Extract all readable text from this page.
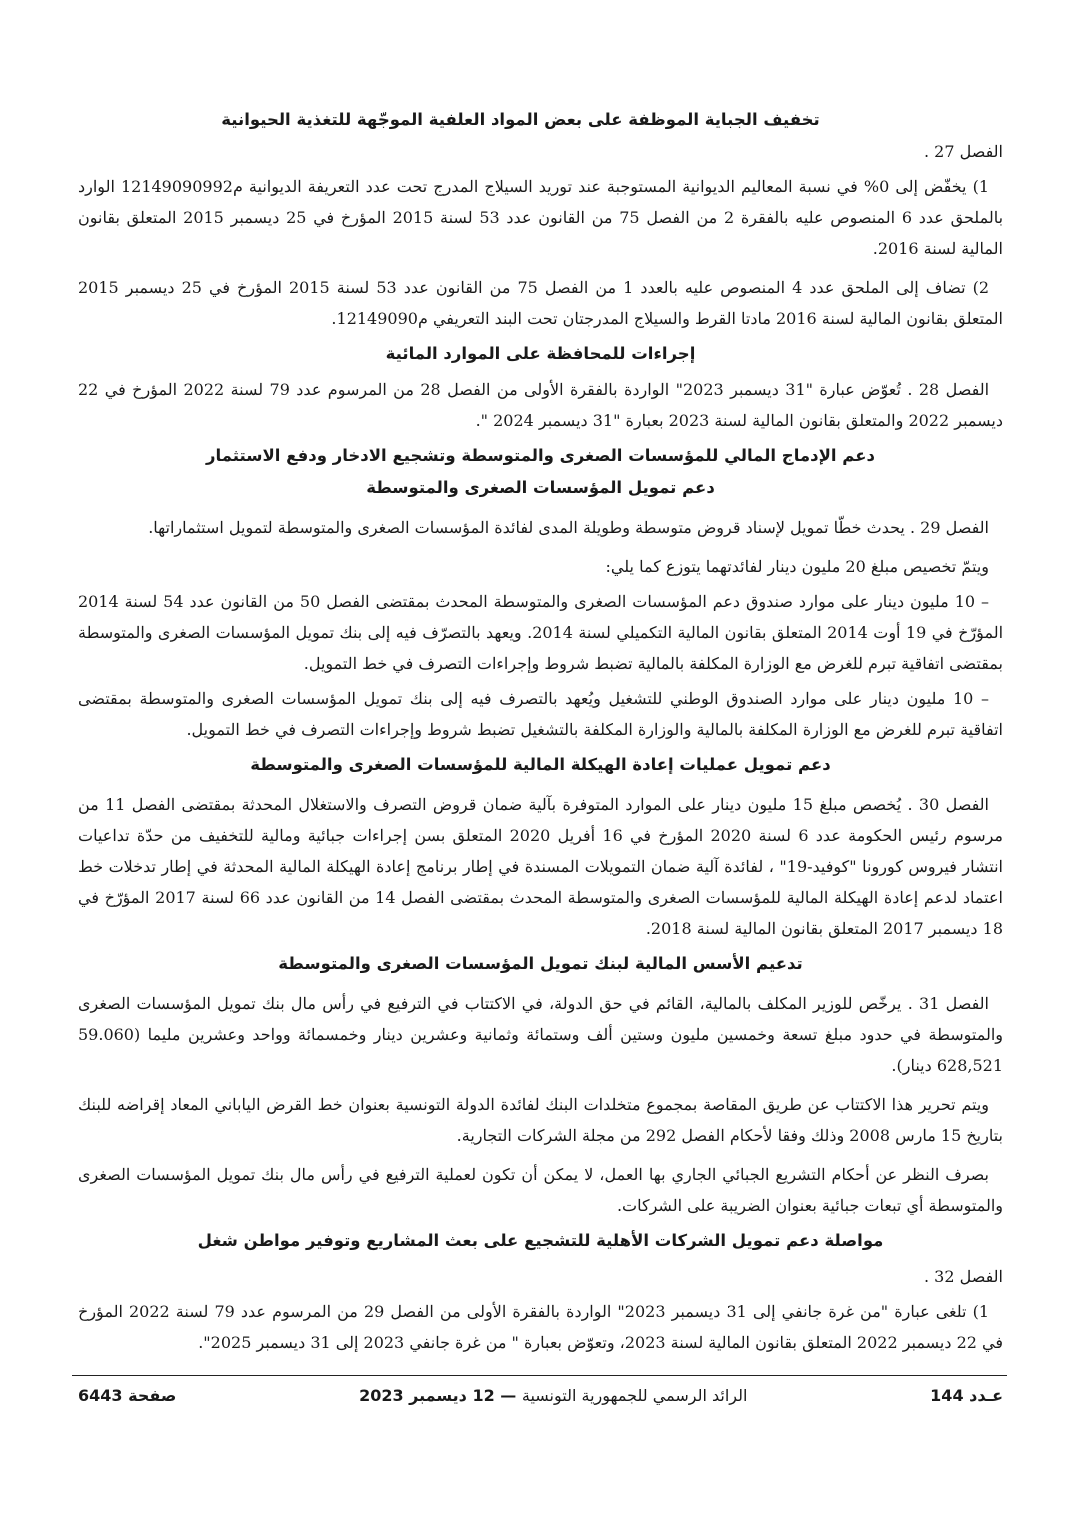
تخفيف الجباية الموظفة على بعض المواد العلفية الموجّهة للتغذية الحيوانية

الفصل 27 .

1) يخفّض إلى 0% في نسبة المعاليم الديوانية المستوجبة عند توريد السيلاج المدرج تحت عدد التعريفة الديوانية م12149090992 الوارد بالملحق عدد 6 المنصوص عليه بالفقرة 2 من الفصل 75 من القانون عدد 53 لسنة 2015 المؤرخ في 25 ديسمبر 2015 المتعلق بقانون المالية لسنة 2016.

2) تضاف إلى الملحق عدد 4 المنصوص عليه بالعدد 1 من الفصل 75 من القانون عدد 53 لسنة 2015 المؤرخ في 25 ديسمبر 2015 المتعلق بقانون المالية لسنة 2016 مادتا القرط والسيلاج المدرجتان تحت البند التعريفي م12149090.

إجراءات للمحافظة على الموارد المائية

الفصل 28 . تُعوّض عبارة "31 ديسمبر 2023" الواردة بالفقرة الأولى من الفصل 28 من المرسوم عدد 79 لسنة 2022 المؤرخ في 22 ديسمبر 2022 والمتعلق بقانون المالية لسنة 2023 بعبارة "31 ديسمبر 2024 ".

دعم الإدماج المالي للمؤسسات الصغرى والمتوسطة وتشجيع الادخار ودفع الاستثمار

دعم تمويل المؤسسات الصغرى والمتوسطة

الفصل 29 . يحدث خطّا تمويل لإسناد قروض متوسطة وطويلة المدى لفائدة المؤسسات الصغرى والمتوسطة لتمويل استثماراتها.

ويتمّ تخصيص مبلغ 20 مليون دينار لفائدتهما يتوزع كما يلي:

– 10 مليون دينار على موارد صندوق دعم المؤسسات الصغرى والمتوسطة المحدث بمقتضى الفصل 50 من القانون عدد 54 لسنة 2014 المؤرّخ في 19 أوت 2014 المتعلق بقانون المالية التكميلي لسنة 2014. ويعهد بالتصرّف فيه إلى بنك تمويل المؤسسات الصغرى والمتوسطة بمقتضى اتفاقية تبرم للغرض مع الوزارة المكلفة بالمالية تضبط شروط وإجراءات التصرف في خط التمويل.

– 10 مليون دينار على موارد الصندوق الوطني للتشغيل ويُعهد بالتصرف فيه إلى بنك تمويل المؤسسات الصغرى والمتوسطة بمقتضى اتفاقية تبرم للغرض مع الوزارة المكلفة بالمالية والوزارة المكلفة بالتشغيل تضبط شروط وإجراءات التصرف في خط التمويل.

دعم تمويل عمليات إعادة الهيكلة المالية للمؤسسات الصغرى والمتوسطة

الفصل 30 . يُخصص مبلغ 15 مليون دينار على الموارد المتوفرة بآلية ضمان قروض التصرف والاستغلال المحدثة بمقتضى الفصل 11 من مرسوم رئيس الحكومة عدد 6 لسنة 2020 المؤرخ في 16 أفريل 2020 المتعلق بسن إجراءات جبائية ومالية للتخفيف من حدّة تداعيات انتشار فيروس كورونا "كوفيد-19" ، لفائدة آلية ضمان التمويلات المسندة في إطار برنامج إعادة الهيكلة المالية المحدثة في إطار تدخلات خط اعتماد لدعم إعادة الهيكلة المالية للمؤسسات الصغرى والمتوسطة المحدث بمقتضى الفصل 14 من القانون عدد 66 لسنة 2017 المؤرّخ في 18 ديسمبر 2017 المتعلق بقانون المالية لسنة 2018.

تدعيم الأسس المالية لبنك تمويل المؤسسات الصغرى والمتوسطة

الفصل 31 . يرخّص للوزير المكلف بالمالية، القائم في حق الدولة، في الاكتتاب في الترفيع في رأس مال بنك تمويل المؤسسات الصغرى والمتوسطة في حدود مبلغ تسعة وخمسين مليون وستين ألف وستمائة وثمانية وعشرين دينار وخمسمائة وواحد وعشرين مليما (59.060 628,521 دينار).

ويتم تحرير هذا الاكتتاب عن طريق المقاصة بمجموع متخلدات البنك لفائدة الدولة التونسية بعنوان خط القرض الياباني المعاد إقراضه للبنك بتاريخ 15 مارس 2008 وذلك وفقا لأحكام الفصل 292 من مجلة الشركات التجارية.

بصرف النظر عن أحكام التشريع الجبائي الجاري بها العمل، لا يمكن أن تكون لعملية الترفيع في رأس مال بنك تمويل المؤسسات الصغرى والمتوسطة أي تبعات جبائية بعنوان الضريبة على الشركات.

مواصلة دعم تمويل الشركات الأهلية للتشجيع على بعث المشاريع وتوفير مواطن شغل

الفصل 32 .

1) تلغى عبارة "من غرة جانفي إلى 31 ديسمبر 2023" الواردة بالفقرة الأولى من الفصل 29 من المرسوم عدد 79 لسنة 2022 المؤرخ في 22 ديسمبر 2022 المتعلق بقانون المالية لسنة 2023، وتعوّض بعبارة " من غرة جانفي 2023 إلى 31 ديسمبر 2025".

عـدد 144
الرائد الرسمي للجمهورية التونسية — 12 ديسمبر 2023
صفحة 6443
